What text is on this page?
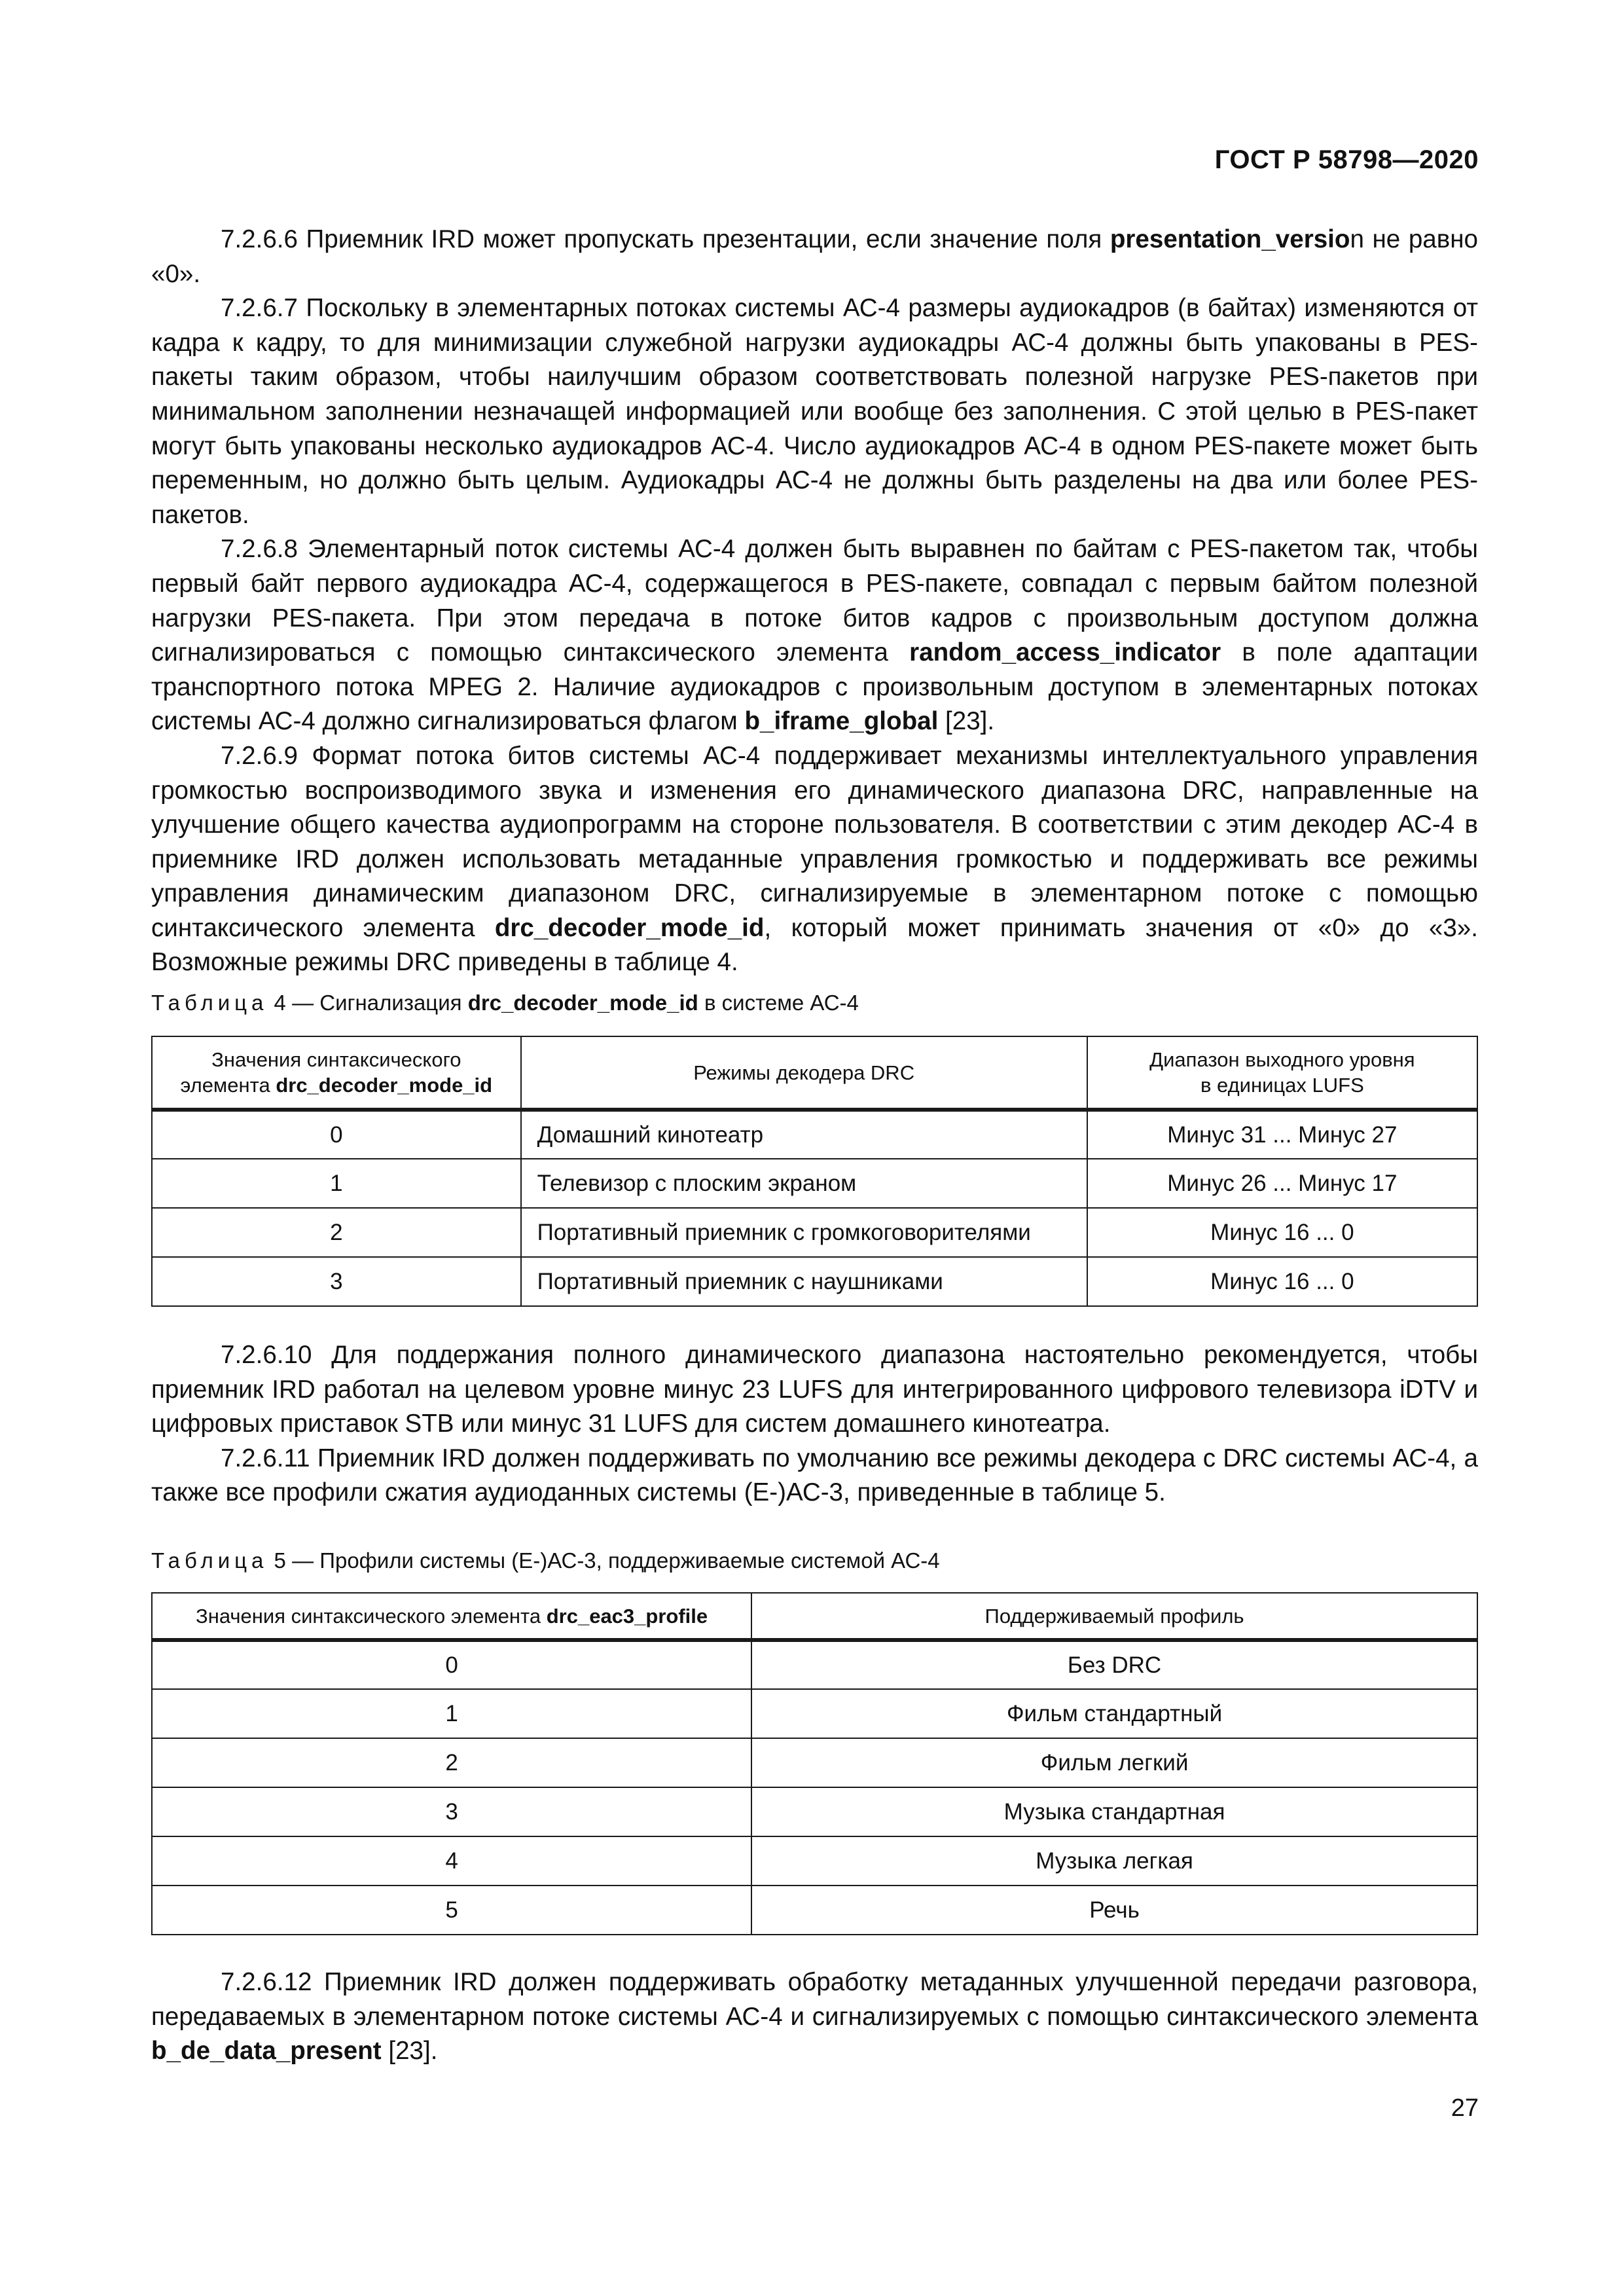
ГОСТ Р 58798—2020

7.2.6.6 Приемник IRD может пропускать презентации, если значение поля presentation_version не равно «0».

7.2.6.7 Поскольку в элементарных потоках системы АС-4 размеры аудиокадров (в байтах) изменяются от кадра к кадру, то для минимизации служебной нагрузки аудиокадры АС-4 должны быть упакованы в PES-пакеты таким образом, чтобы наилучшим образом соответствовать полезной нагрузке PES-пакетов при минимальном заполнении незначащей информацией или вообще без заполнения. С этой целью в PES-пакет могут быть упакованы несколько аудиокадров АС-4. Число аудиокадров АС-4 в одном PES-пакете может быть переменным, но должно быть целым. Аудиокадры АС-4 не должны быть разделены на два или более PES-пакетов.

7.2.6.8 Элементарный поток системы АС-4 должен быть выравнен по байтам с PES-пакетом так, чтобы первый байт первого аудиокадра АС-4, содержащегося в PES-пакете, совпадал с первым байтом полезной нагрузки PES-пакета. При этом передача в потоке битов кадров с произвольным доступом должна сигнализироваться с помощью синтаксического элемента random_access_indicator в поле адаптации транспортного потока MPEG 2. Наличие аудиокадров с произвольным доступом в элементарных потоках системы АС-4 должно сигнализироваться флагом b_iframe_global [23].

7.2.6.9 Формат потока битов системы АС-4 поддерживает механизмы интеллектуального управления громкостью воспроизводимого звука и изменения его динамического диапазона DRC, направленные на улучшение общего качества аудиопрограмм на стороне пользователя. В соответствии с этим декодер АС-4 в приемнике IRD должен использовать метаданные управления громкостью и поддерживать все режимы управления динамическим диапазоном DRC, сигнализируемые в элементарном потоке с помощью синтаксического элемента drc_decoder_mode_id, который может принимать значения от «0» до «3». Возможные режимы DRC приведены в таблице 4.

Таблица 4 — Сигнализация drc_decoder_mode_id в системе АС-4
Значения синтаксического
элемента drc_decoder_mode_id	Режимы декодера DRC	Диапазон выходного уровня
в единицах LUFS
0	Домашний кинотеатр	Минус 31 ... Минус 27
1	Телевизор с плоским экраном	Минус 26 ... Минус 17
2	Портативный приемник с громкоговорителями	Минус 16 ... 0
3	Портативный приемник с наушниками	Минус 16 ... 0

7.2.6.10 Для поддержания полного динамического диапазона настоятельно рекомендуется, чтобы приемник IRD работал на целевом уровне минус 23 LUFS для интегрированного цифрового телевизора iDTV и цифровых приставок STB или минус 31 LUFS для систем домашнего кинотеатра.

7.2.6.11 Приемник IRD должен поддерживать по умолчанию все режимы декодера с DRC системы АС-4, а также все профили сжатия аудиоданных системы (Е-)АС-3, приведенные в таблице 5.

Таблица 5 — Профили системы (Е-)АС-3, поддерживаемые системой АС-4
Значения синтаксического элемента drc_eac3_profile	Поддерживаемый профиль
0	Без DRC
1	Фильм стандартный
2	Фильм легкий
3	Музыка стандартная
4	Музыка легкая
5	Речь

7.2.6.12 Приемник IRD должен поддерживать обработку метаданных улучшенной передачи разговора, передаваемых в элементарном потоке системы АС-4 и сигнализируемых с помощью синтаксического элемента b_de_data_present [23].

27
